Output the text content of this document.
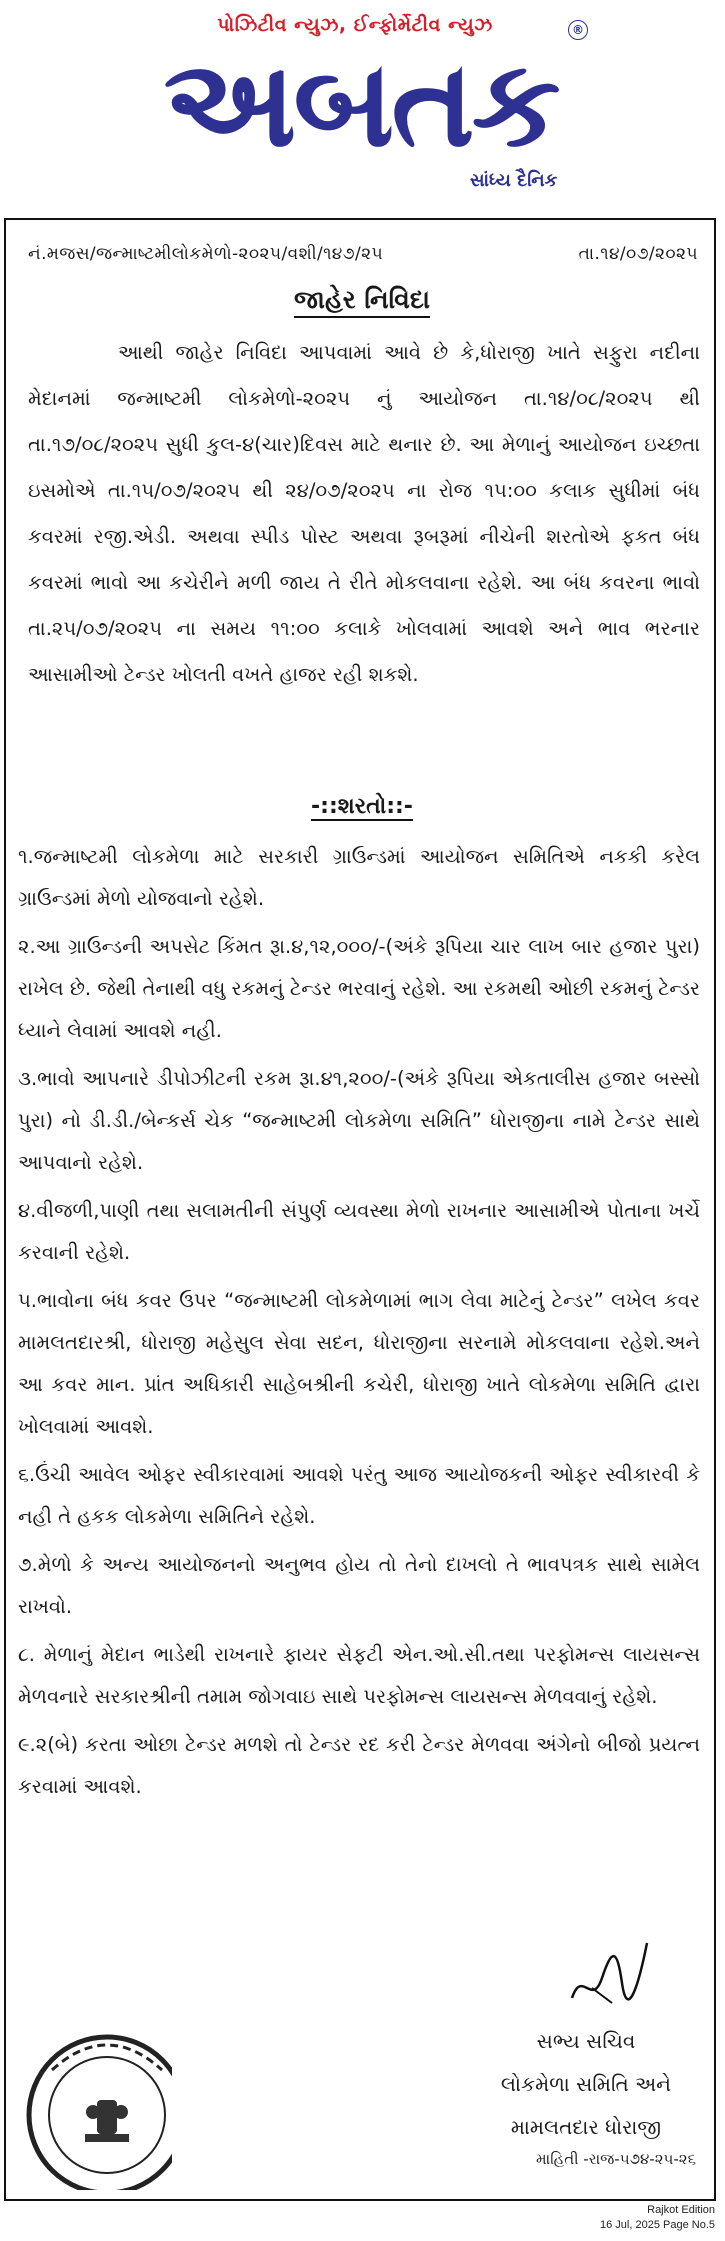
પોઝિટીવ ન્યુઝ, ઈન્ફોર્મેટીવ ન્યુઝ	®
અબતક
સાંધ્ય દૈનિક
નં.મજસ/જન્માષ્ટમીલોકમેળો-૨૦૨૫/વશી/૧૪૭/૨૫	તા.૧૪/૦૭/૨૦૨૫
જાહેર નિવિદા
આથી જાહેર નિવિદા આપવામાં આવે છે કે,ધોરાજી ખાતે સફુરા નદીના મેદાનમાં જન્માષ્ટમી લોકમેળો-૨૦૨૫ નું આયોજન તા.૧૪/૦૮/૨૦૨૫ થી તા.૧૭/૦૮/૨૦૨૫ સુધી કુલ-૪(ચાર)દિવસ માટે થનાર છે. આ મેળાનું આયોજન ઇચ્છતા ઇસમોએ તા.૧૫/૦૭/૨૦૨૫ થી ૨૪/૦૭/૨૦૨૫ ના રોજ ૧૫:૦૦ કલાક સુધીમાં બંધ કવરમાં રજી.એડી. અથવા સ્પીડ પોસ્ટ અથવા રૂબરૂમાં નીચેની શરતોએ ફકત બંધ કવરમાં ભાવો આ કચેરીને મળી જાય તે રીતે મોકલવાના રહેશે. આ બંધ કવરના ભાવો તા.૨૫/૦૭/૨૦૨૫ ના સમય ૧૧:૦૦ કલાકે ખોલવામાં આવશે અને ભાવ ભરનાર આસામીઓ ટેન્ડર ખોલતી વખતે હાજર રહી શકશે.
-::શરતો::-

૧.જન્માષ્ટમી લોકમેળા માટે સરકારી ગ્રાઉન્ડમાં આયોજન સમિતિએ નકકી કરેલ ગ્રાઉન્ડમાં મેળો યોજવાનો રહેશે.

૨.આ ગ્રાઉન્ડની અપસેટ કિંમત રૂા.૪,૧૨,૦૦૦/-(અંકે રૂપિયા ચાર લાખ બાર હજાર પુરા) રાખેલ છે. જેથી તેનાથી વધુ રકમનું ટેન્ડર ભરવાનું રહેશે. આ રકમથી ઓછી રકમનું ટેન્ડર ધ્યાને લેવામાં આવશે નહી.

૩.ભાવો આપનારે ડીપોઝીટની રકમ રૂા.૪૧,૨૦૦/-(અંકે રૂપિયા એકતાલીસ હજાર બસ્સો પુરા) નો ડી.ડી./બેન્કર્સ ચેક “જન્માષ્ટમી લોકમેળા સમિતિ” ધોરાજીના નામે ટેન્ડર સાથે આપવાનો રહેશે.

૪.વીજળી,પાણી તથા સલામતીની સંપુર્ણ વ્યવસ્થા મેળો રાખનાર આસામીએ પોતાના ખર્ચે કરવાની રહેશે.

૫.ભાવોના બંધ કવર ઉપર “જન્માષ્ટમી લોકમેળામાં ભાગ લેવા માટેનું ટેન્ડર” લખેલ કવર મામલતદારશ્રી, ધોરાજી મહેસુલ સેવા સદન, ધોરાજીના સરનામે મોકલવાના રહેશે.અને આ કવર માન. પ્રાંત અધિકારી સાહેબશ્રીની કચેરી, ધોરાજી ખાતે લોકમેળા સમિતિ દ્વારા ખોલવામાં આવશે.

૬.ઉંચી આવેલ ઓફર સ્વીકારવામાં આવશે પરંતુ આજ આયોજકની ઓફર સ્વીકારવી કે નહી તે હકક લોકમેળા સમિતિને રહેશે.

૭.મેળો કે અન્ય આયોજનનો અનુભવ હોય તો તેનો દાખલો તે ભાવપત્રક સાથે સામેલ રાખવો.

૮. મેળાનું મેદાન ભાડેથી રાખનારે ફાયર સેફટી એન.ઓ.સી.તથા પરફોમન્સ લાયસન્સ મેળવનારે સરકારશ્રીની તમામ જોગવાઇ સાથે પરફોમન્સ લાયસન્સ મેળવવાનું રહેશે.

૯.૨(બે) કરતા ઓછા ટેન્ડર મળશે તો ટેન્ડર રદ કરી ટેન્ડર મેળવવા અંગેનો બીજો પ્રયત્ન કરવામાં આવશે.

સભ્ય સચિવ
લોકમેળા સમિતિ અને
મામલતદાર ધોરાજી
માહિતી -રાજ-૫૭૪-૨૫-૨૬
Rajkot Edition
16 Jul, 2025 Page No.5
